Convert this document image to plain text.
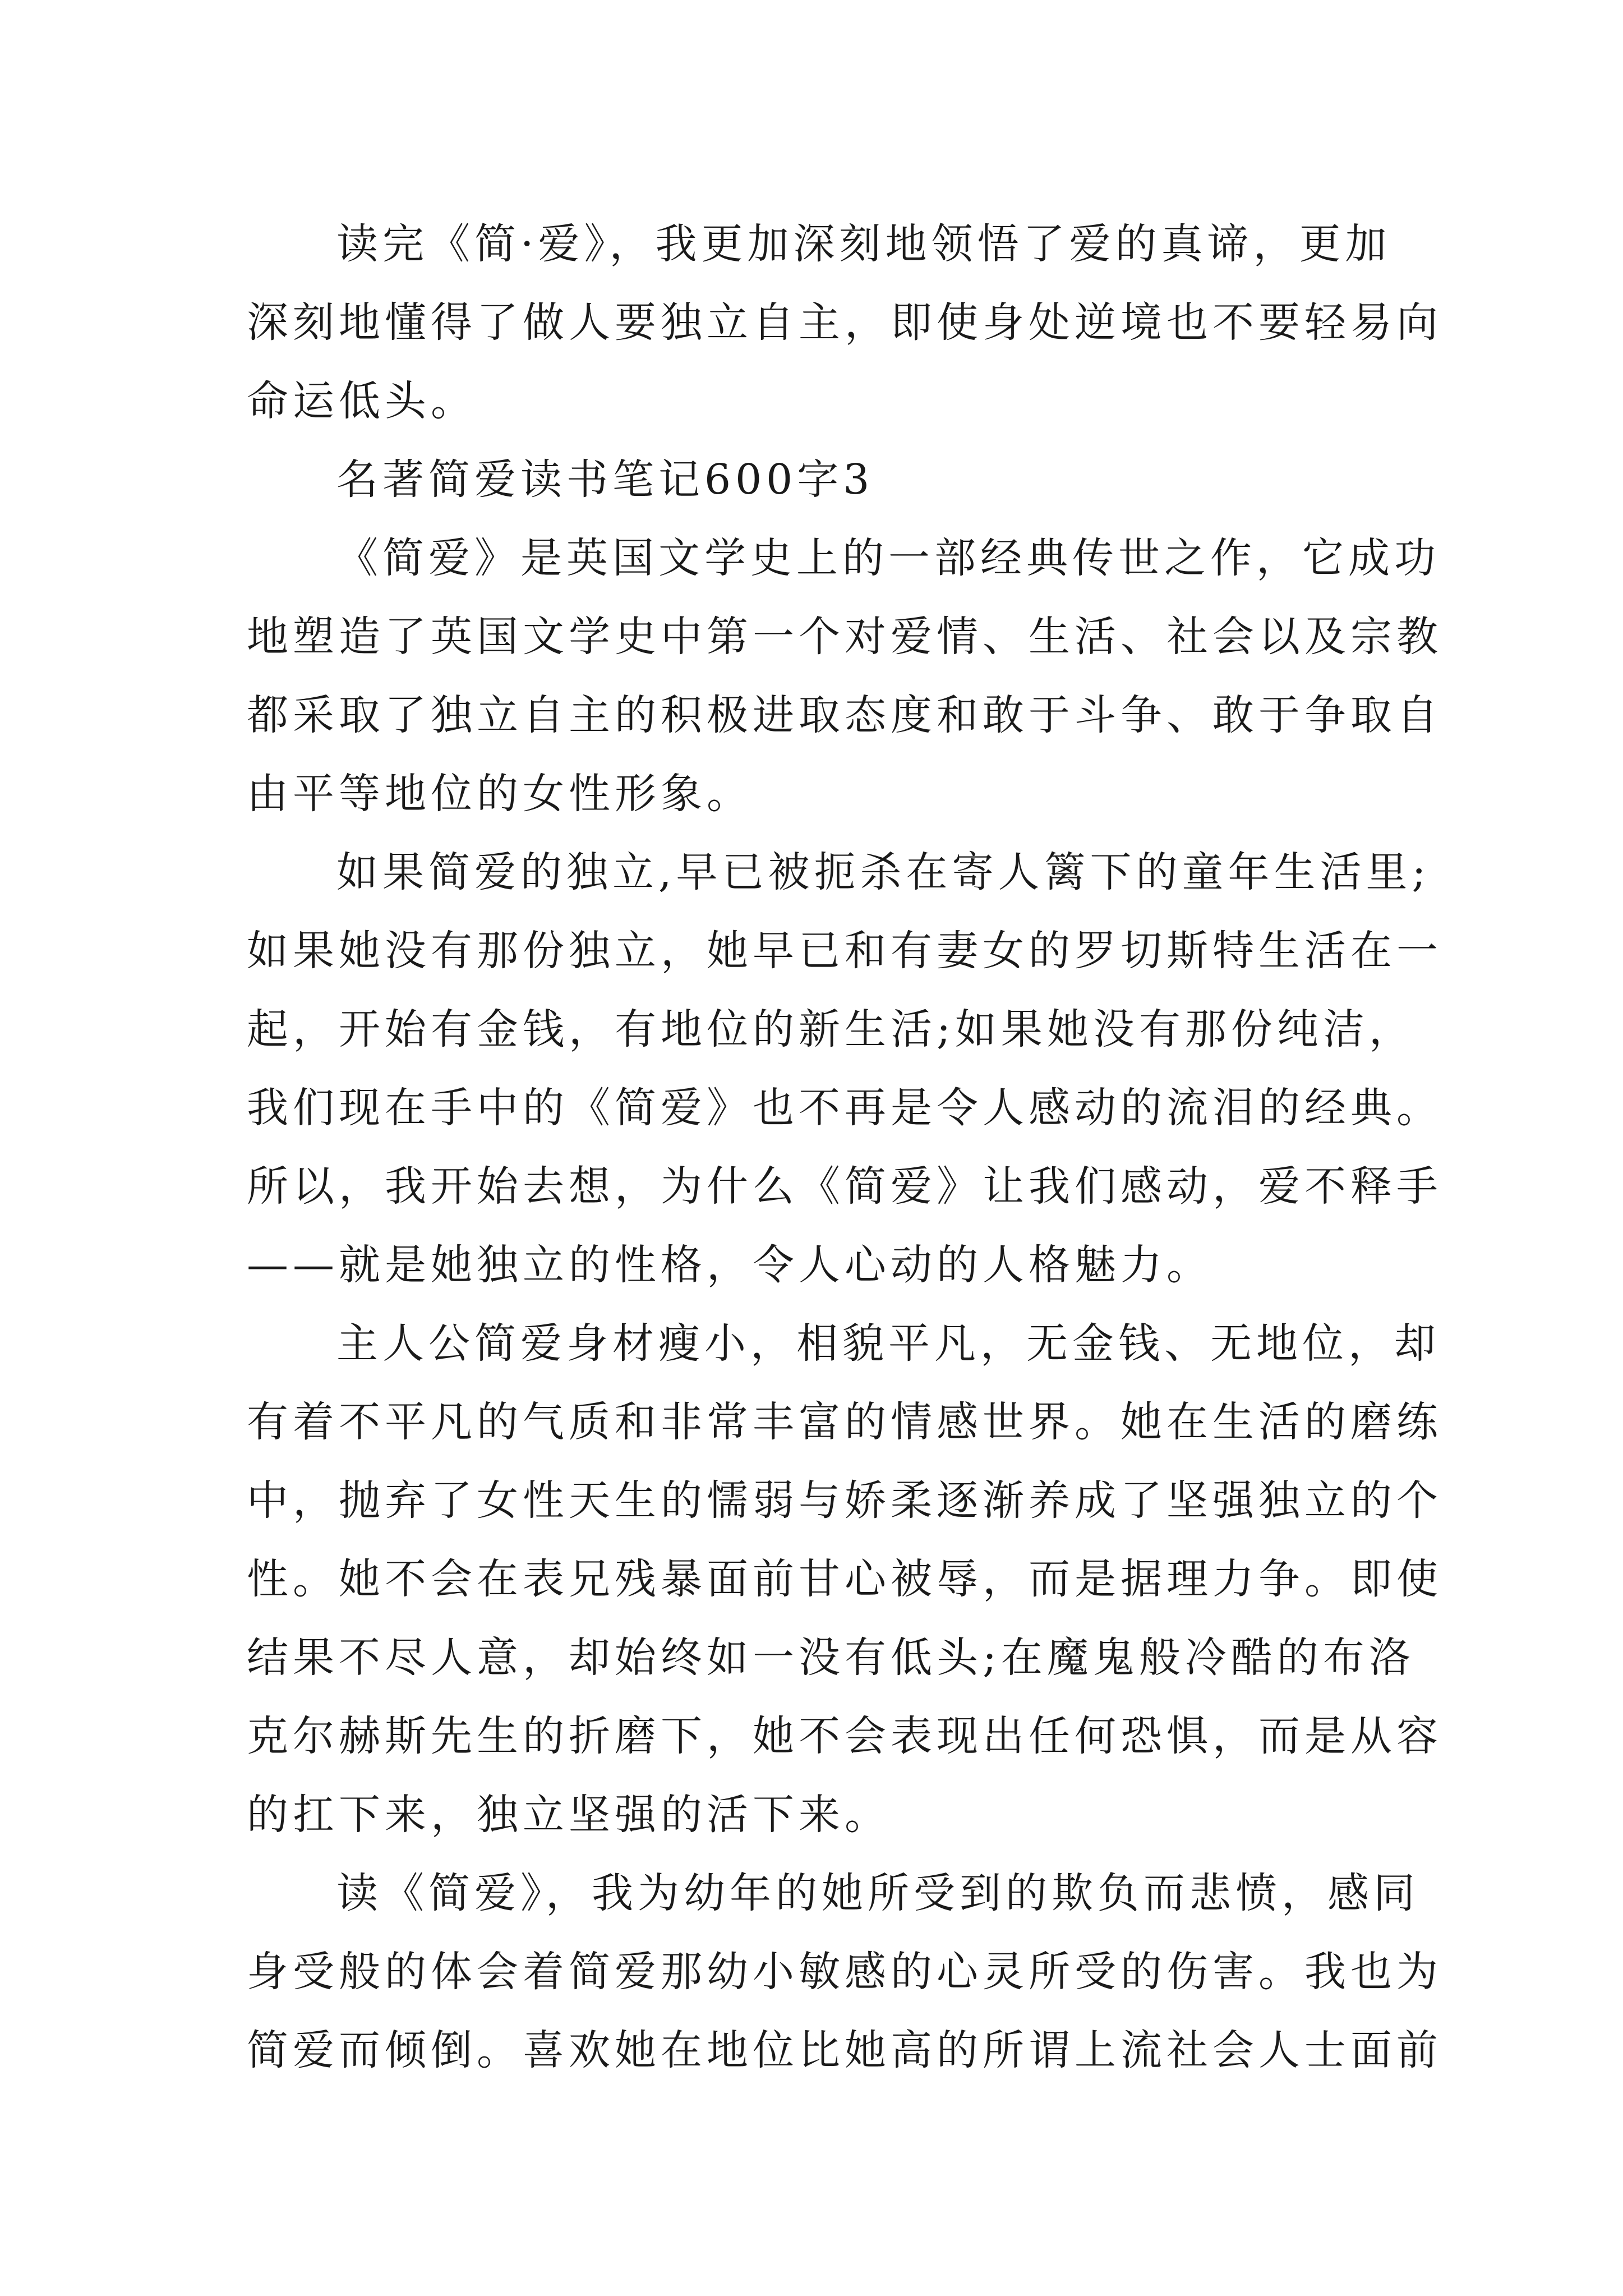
读完《简·爱》，我更加深刻地领悟了爱的真谛，更加
深刻地懂得了做人要独立自主，即使身处逆境也不要轻易向
命运低头。
名著简爱读书笔记600字3
《简爱》是英国文学史上的一部经典传世之作，它成功
地塑造了英国文学史中第一个对爱情、生活、社会以及宗教
都采取了独立自主的积极进取态度和敢于斗争、敢于争取自
由平等地位的女性形象。
如果简爱的独立,早已被扼杀在寄人篱下的童年生活里;
如果她没有那份独立，她早已和有妻女的罗切斯特生活在一
起，开始有金钱，有地位的新生活;如果她没有那份纯洁，
我们现在手中的《简爱》也不再是令人感动的流泪的经典。
所以，我开始去想，为什么《简爱》让我们感动，爱不释手
——就是她独立的性格，令人心动的人格魅力。
主人公简爱身材瘦小，相貌平凡，无金钱、无地位，却
有着不平凡的气质和非常丰富的情感世界。她在生活的磨练
中，抛弃了女性天生的懦弱与娇柔逐渐养成了坚强独立的个
性。她不会在表兄残暴面前甘心被辱，而是据理力争。即使
结果不尽人意，却始终如一没有低头;在魔鬼般冷酷的布洛
克尔赫斯先生的折磨下，她不会表现出任何恐惧，而是从容
的扛下来，独立坚强的活下来。
读《简爱》，我为幼年的她所受到的欺负而悲愤，感同
身受般的体会着简爱那幼小敏感的心灵所受的伤害。我也为
简爱而倾倒。喜欢她在地位比她高的所谓上流社会人士面前
